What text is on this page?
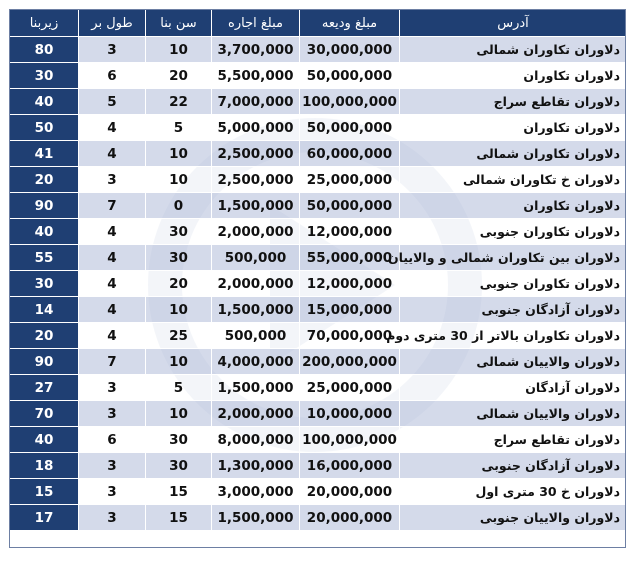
آدرس	مبلغ ودیعه	مبلغ اجاره	سن بنا	طول بر	زیربنا
دلاوران تکاوران شمالی	30,000,000	3,700,000	10	3	80
دلاوران تکاوران	50,000,000	5,500,000	20	6	30
دلاوران تقاطع سراج	100,000,000	7,000,000	22	5	40
دلاوران تکاوران	50,000,000	5,000,000	5	4	50
دلاوران تکاوران شمالی	60,000,000	2,500,000	10	4	41
دلاوران خ تکاوران شمالی	25,000,000	2,500,000	10	3	20
دلاوران تکاوران	50,000,000	1,500,000	0	7	90
دلاوران تکاوران جنوبی	12,000,000	2,000,000	30	4	40
دلاوران بین تکاوران شمالی و والاییان	55,000,000	500,000	30	4	55
دلاوران تکاوران جنوبی	12,000,000	2,000,000	20	4	30
دلاوران آزادگان جنوبی	15,000,000	1,500,000	10	4	14
دلاوران تکاوران بالاتر از 30 متری دوم	70,000,000	500,000	25	4	20
دلاوران والاییان شمالی	200,000,000	4,000,000	10	7	90
دلاوران آزادگان	25,000,000	1,500,000	5	3	27
دلاوران والاییان شمالی	10,000,000	2,000,000	10	3	70
دلاوران تقاطع سراج	100,000,000	8,000,000	30	6	40
دلاوران آزادگان جنوبی	16,000,000	1,300,000	30	3	18
دلاوران خ 30 متری اول	20,000,000	3,000,000	15	3	15
دلاوران والاییان جنوبی	20,000,000	1,500,000	15	3	17
